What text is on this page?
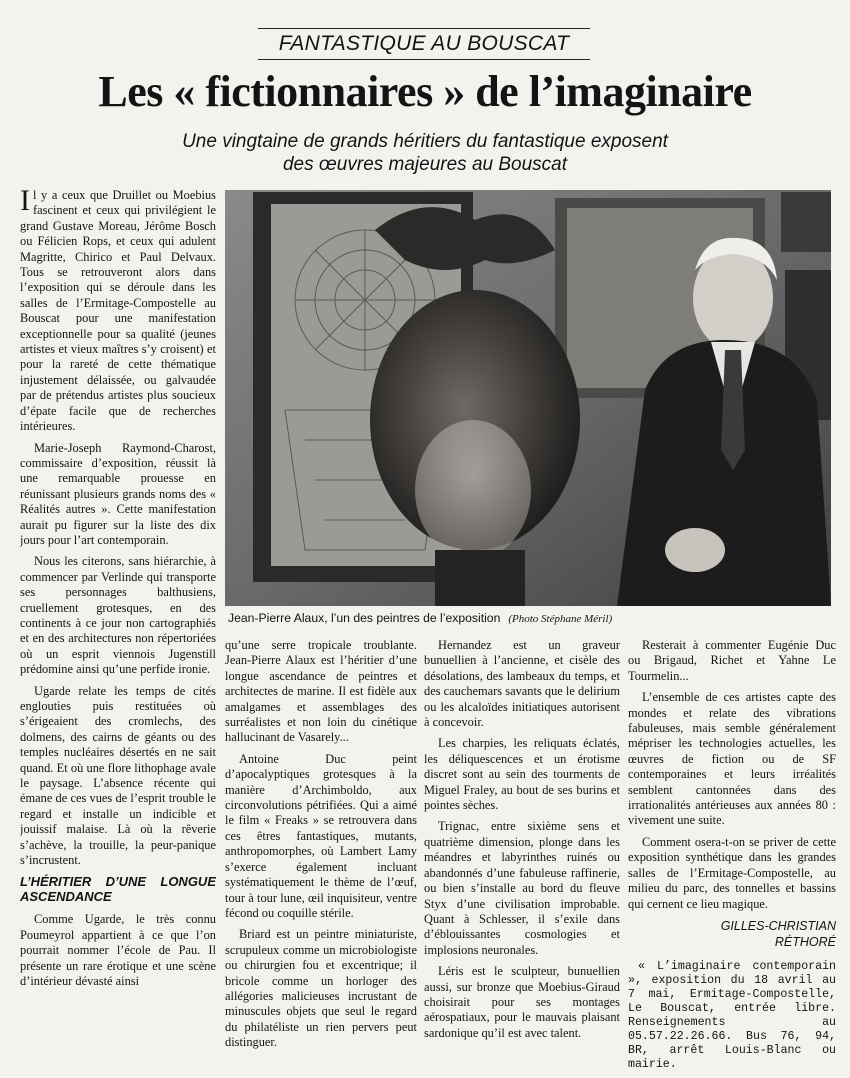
FANTASTIQUE AU BOUSCAT
Les « fictionnaires » de l’imaginaire
Une vingtaine de grands héritiers du fantastique exposent
des œuvres majeures au Bouscat

Il y a ceux que Druillet ou Moebius fascinent et ceux qui privilégient le grand Gustave Moreau, Jérôme Bosch ou Félicien Rops, et ceux qui adulent Magritte, Chirico et Paul Delvaux. Tous se retrouveront alors dans l’exposition qui se déroule dans les salles de l’Ermitage-Compostelle au Bouscat pour une manifestation exceptionnelle pour sa qualité (jeunes artistes et vieux maîtres s’y croisent) et pour la rareté de cette thématique injustement délaissée, ou galvaudée par de prétendus artistes plus soucieux d’épate facile que de recherches intérieures.

Marie-Joseph Raymond-Charost, commissaire d’exposition, réussit là une remarquable prouesse en réunissant plusieurs grands noms des « Réalités autres ». Cette manifestation aurait pu figurer sur la liste des dix jours pour l’art contemporain.

Nous les citerons, sans hiérarchie, à commencer par Verlinde qui transporte ses personnages balthusiens, cruellement grotesques, en des continents à ce jour non cartographiés et en des architectures non répertoriées où un esprit viennois Jugenstill prédomine ainsi qu’une perfide ironie.

Ugarde relate les temps de cités englouties puis restituées où s’érigeaient des cromlechs, des dolmens, des cairns de géants ou des temples nucléaires désertés en ne sait quand. Et où une flore lithophage avale le paysage. L’absence récente qui émane de ces vues de l’esprit trouble le regard et installe un indicible et jouissif malaise. Là où la rêverie s’achève, la trouille, la peur-panique s’incrustent.

L’HÉRITIER D’UNE LONGUE ASCENDANCE

Comme Ugarde, le très connu Poumeyrol appartient à ce que l’on pourrait nommer l’école de Pau. Il présente un rare érotique et une scène d’intérieur dévasté ainsi

Jean-Pierre Alaux, l’un des peintres de l’exposition (Photo Stéphane Méril)

qu’une serre tropicale troublante. Jean-Pierre Alaux est l’héritier d’une longue ascendance de peintres et architectes de marine. Il est fidèle aux amalgames et assemblages des surréalistes et non loin du cinétique hallucinant de Vasarely...

Antoine Duc peint d’apocalyptiques grotesques à la manière d’Archimboldo, aux circonvolutions pétrifiées. Qui a aimé le film « Freaks » se retrouvera dans ces êtres fantastiques, mutants, anthropomorphes, où Lambert Lamy s’exerce également incluant systématiquement le thème de l’œuf, tour à tour lune, œil inquisiteur, ventre fécond ou coquille stérile.

Briard est un peintre miniaturiste, scrupuleux comme un microbiologiste ou chirurgien fou et excentrique; il bricole comme un horloger des allégories malicieuses incrustant de minuscules objets que seul le regard du philatéliste un rien pervers peut distinguer.

Hernandez est un graveur bunuellien à l’ancienne, et cisèle des désolations, des lambeaux du temps, et des cauchemars savants que le delirium ou les alcaloïdes initiatiques autorisent à concevoir.

Les charpies, les reliquats éclatés, les déliquescences et un érotisme discret sont au sein des tourments de Miguel Fraley, au bout de ses burins et pointes sèches.

Trignac, entre sixième sens et quatrième dimension, plonge dans les méandres et labyrinthes ruinés ou abandonnés d’une fabuleuse raffinerie, ou bien s’installe au bord du fleuve Styx d’une civilisation improbable. Quant à Schlesser, il s’exile dans d’éblouissantes cosmologies et implosions neuronales.

Léris est le sculpteur, bunuellien aussi, sur bronze que Moebius-Giraud choisirait pour ses montages aérospatiaux, pour le mauvais plaisant sardonique qu’il est avec talent.

Resterait à commenter Eugénie Duc ou Brigaud, Richet et Yahne Le Tourmelin...

L’ensemble de ces artistes capte des mondes et relate des vibrations fabuleuses, mais semble généralement mépriser les technologies actuelles, les œuvres de fiction ou de SF contemporaines et leurs irréalités semblent cantonnées dans des irrationalités antérieuses aux années 80 : vivement une suite.

Comment osera-t-on se priver de cette exposition synthétique dans les grandes salles de l’Ermitage-Compostelle, au milieu du parc, des tonnelles et bassins qui cernent ce lieu magique.

GILLES-CHRISTIAN
RÉTHORÉ

« L’imaginaire contemporain », exposition du 18 avril au 7 mai, Ermitage-Compostelle, Le Bouscat, entrée libre. Renseignements au 05.57.22.26.66. Bus 76, 94, BR, arrêt Louis-Blanc ou mairie.
